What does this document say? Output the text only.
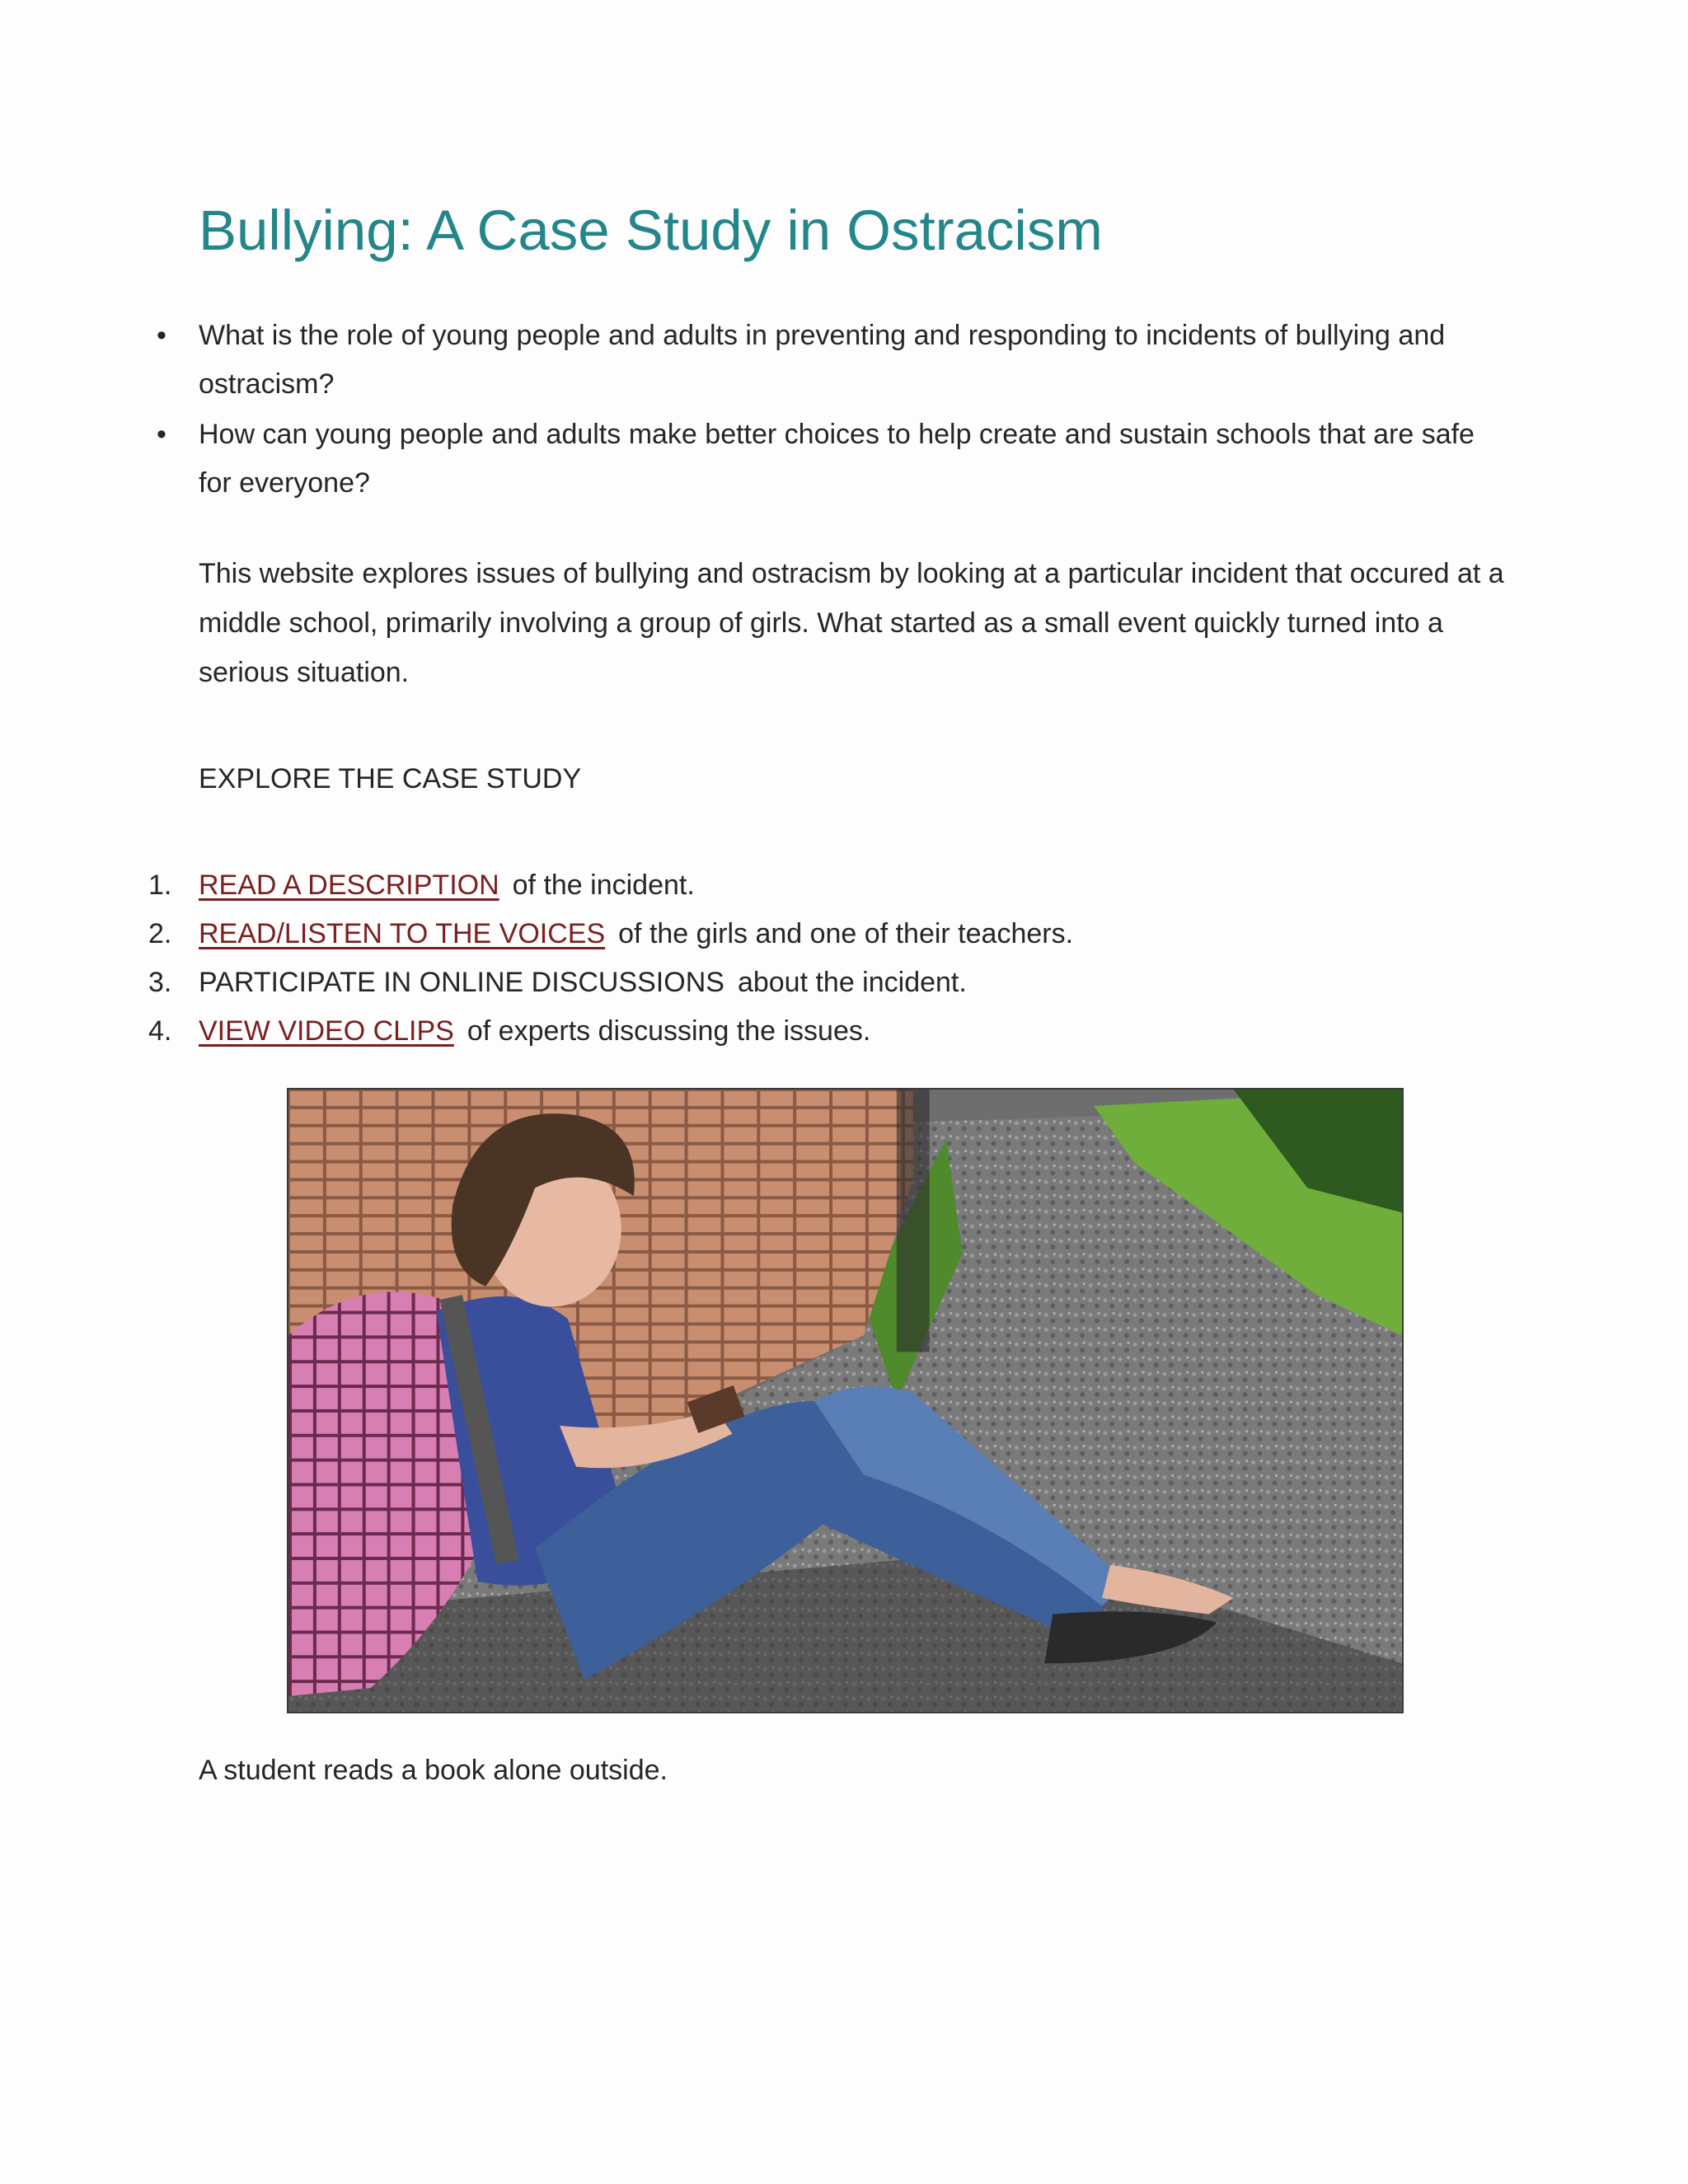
Bullying: A Case Study in Ostracism
• What is the role of young people and adults in preventing and responding to incidents of bullying and ostracism?
• How can young people and adults make better choices to help create and sustain schools that are safe for everyone?

This website explores issues of bullying and ostracism by looking at a particular incident that occured at a middle school, primarily involving a group of girls. What started as a small event quickly turned into a serious situation.

EXPLORE THE CASE STUDY

1. READ A DESCRIPTION of the incident.
2. READ/LISTEN TO THE VOICES of the girls and one of their teachers.
3. PARTICIPATE IN ONLINE DISCUSSIONS about the incident.
4. VIEW VIDEO CLIPS of experts discussing the issues.

A student reads a book alone outside.
